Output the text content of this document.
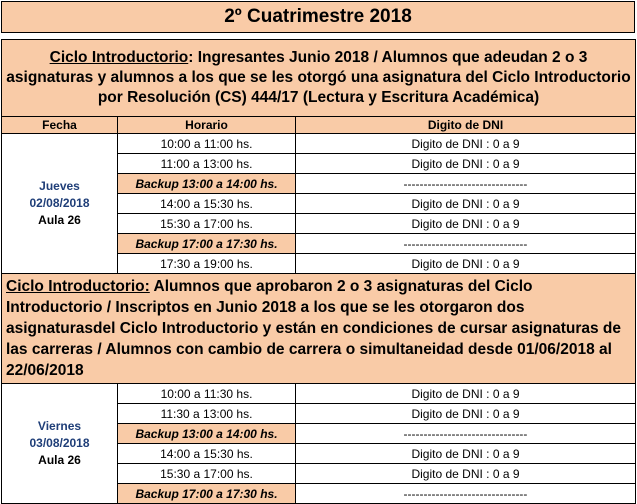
2º Cuatrimestre 2018
Ciclo Introductorio: Ingresantes Junio 2018 / Alumnos que adeudan 2 o 3 asignaturas y alumnos a los que se les otorgó una asignatura del Ciclo Introductorio por Resolución (CS) 444/17 (Lectura y Escritura Académica)		
Fecha	Horario	Digito de DNI

Jueves
02/08/2018
Aula 26	10:00 a 11:00 hs.	Digito de DNI : 0 a 9
	11:00 a 13:00 hs.	Digito de DNI : 0 a 9
	Backup 13:00 a 14:00 hs.	-------------------------------
	14:00 a 15:30 hs.	Digito de DNI : 0 a 9
	15:30 a 17:00 hs.	Digito de DNI : 0 a 9
	Backup 17:00 a 17:30 hs.	-------------------------------
	17:30 a 19:00 hs.	Digito de DNI : 0 a 9
Ciclo Introductorio: Alumnos que aprobaron 2 o 3 asignaturas del Ciclo Introductorio / Inscriptos en Junio 2018 a los que se les otorgaron dos asignaturasdel Ciclo Introductorio y están en condiciones de cursar asignaturas de las carreras / Alumnos con cambio de carrera o simultaneidad desde 01/06/2018 al 22/06/2018		

Viernes
03/08/2018
Aula 26	10:00 a 11:30 hs.	Digito de DNI : 0 a 9
	11:30 a 13:00 hs.	Digito de DNI : 0 a 9
	Backup 13:00 a 14:00 hs.	-------------------------------
	14:00 a 15:30 hs.	Digito de DNI : 0 a 9
	15:30 a 17:00 hs.	Digito de DNI : 0 a 9
	Backup 17:00 a 17:30 hs.	-------------------------------
